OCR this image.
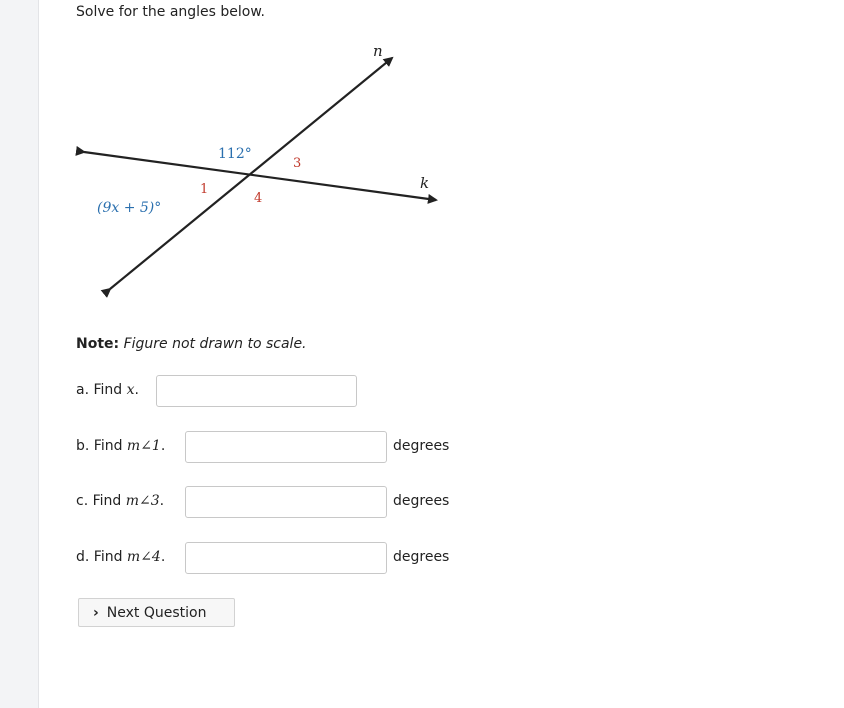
Solve for the angles below.
n
k
112°
(9x + 5)°
1
3
4
Note: Figure not drawn to scale.
a. Find x.
b. Find m∠1.	degrees
c. Find m∠3.	degrees
d. Find m∠4.	degrees
› Next Question
